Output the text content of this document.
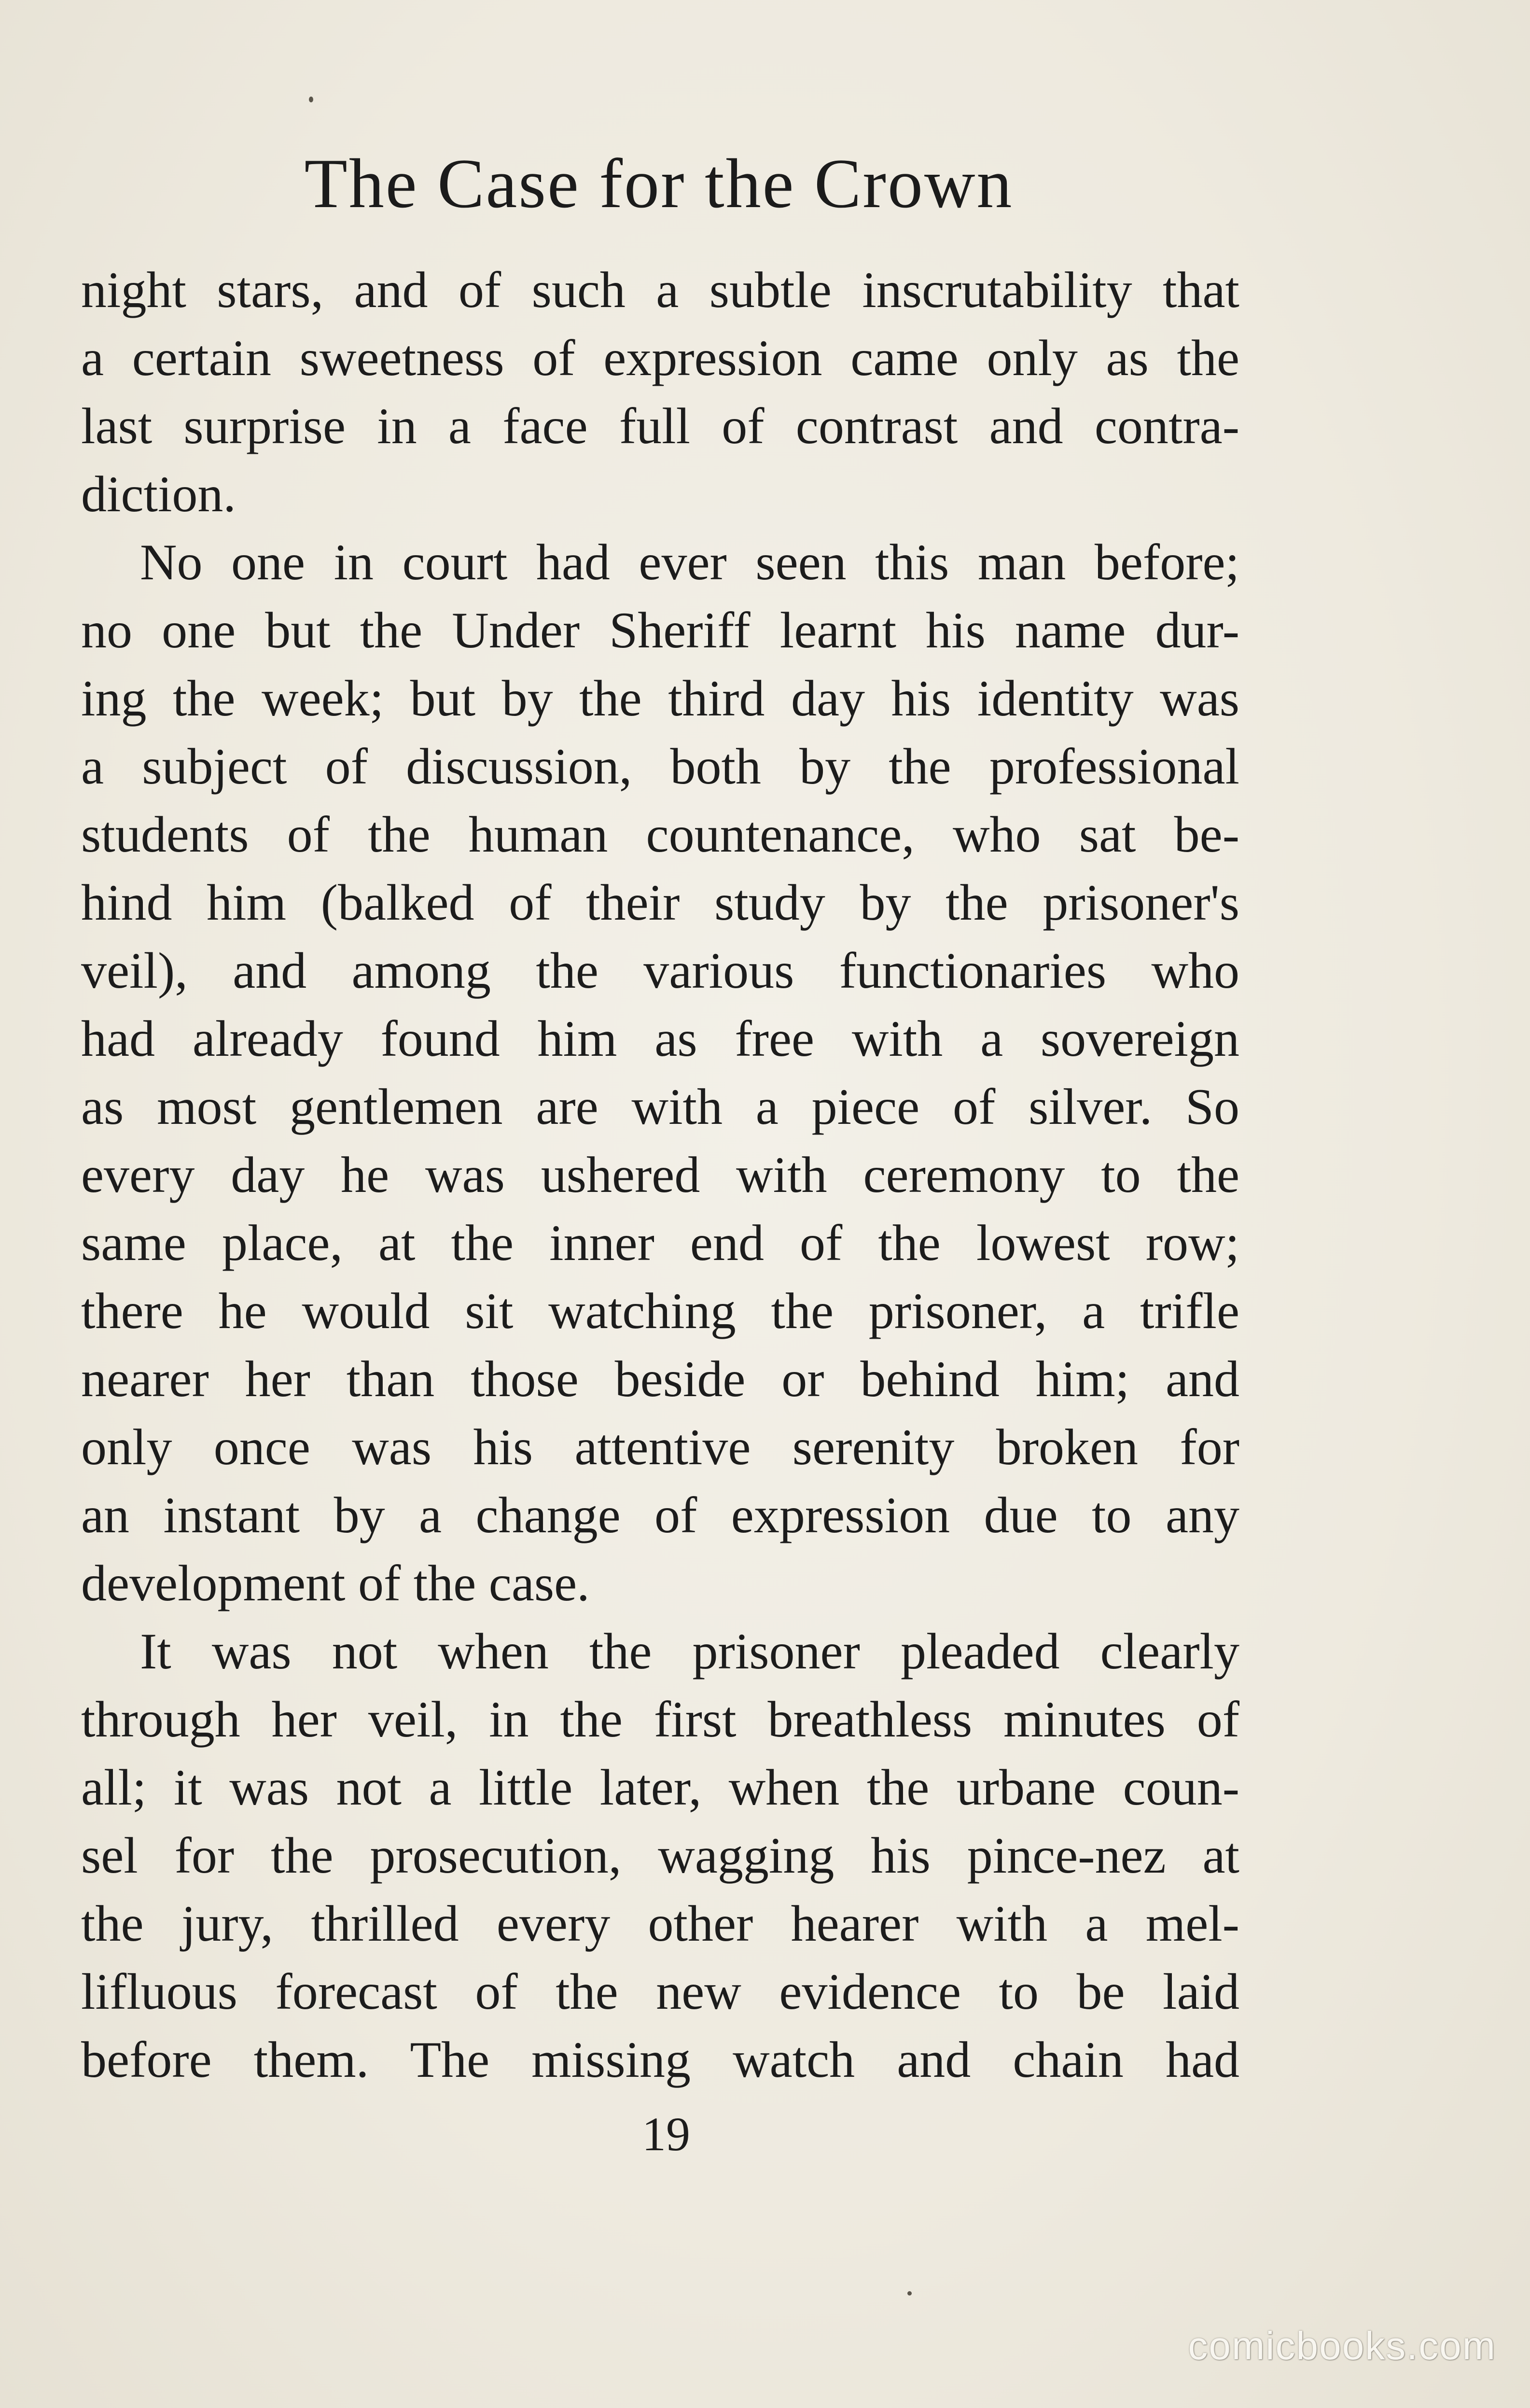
The Case for the Crown
night stars, and of such a subtle inscrutability that
a certain sweetness of expression came only as the
last surprise in a face full of contrast and contra-
diction.
No one in court had ever seen this man before;
no one but the Under Sheriff learnt his name dur-
ing the week; but by the third day his identity was
a subject of discussion, both by the professional
students of the human countenance, who sat be-
hind him (balked of their study by the prisoner's
veil), and among the various functionaries who
had already found him as free with a sovereign
as most gentlemen are with a piece of silver. So
every day he was ushered with ceremony to the
same place, at the inner end of the lowest row;
there he would sit watching the prisoner, a trifle
nearer her than those beside or behind him; and
only once was his attentive serenity broken for
an instant by a change of expression due to any
development of the case.
It was not when the prisoner pleaded clearly
through her veil, in the first breathless minutes of
all; it was not a little later, when the urbane coun-
sel for the prosecution, wagging his pince-nez at
the jury, thrilled every other hearer with a mel-
lifluous forecast of the new evidence to be laid
before them. The missing watch and chain had
19
comicbooks.com
